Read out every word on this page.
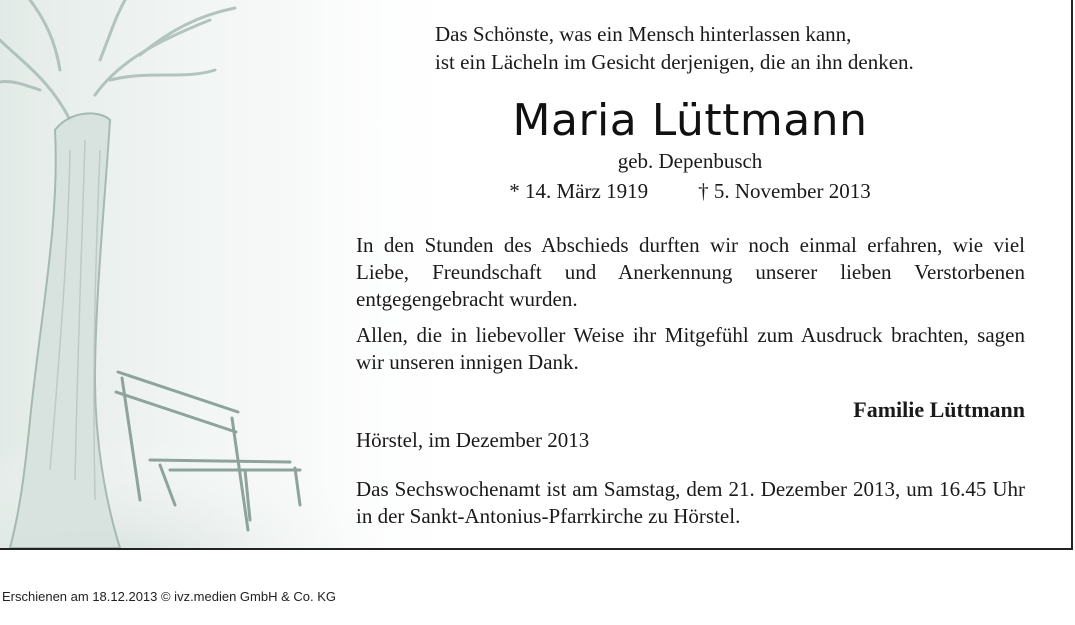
Das Schönste, was ein Mensch hinterlassen kann,
ist ein Lächeln im Gesicht derjenigen, die an ihn denken.
Maria Lüttmann
geb. Depenbusch
* 14. März 1919 † 5. November 2013
In den Stunden des Abschieds durften wir noch einmal erfahren, wie viel Liebe, Freundschaft und Anerkennung unserer lieben Verstorbenen entgegengebracht wurden.
Allen, die in liebevoller Weise ihr Mitgefühl zum Ausdruck brachten, sagen wir unseren innigen Dank.
Familie Lüttmann
Hörstel, im Dezember 2013
Das Sechswochenamt ist am Samstag, dem 21. Dezember 2013, um 16.45 Uhr in der Sankt-Antonius-Pfarrkirche zu Hörstel.
Erschienen am 18.12.2013 © ivz.medien GmbH & Co. KG
